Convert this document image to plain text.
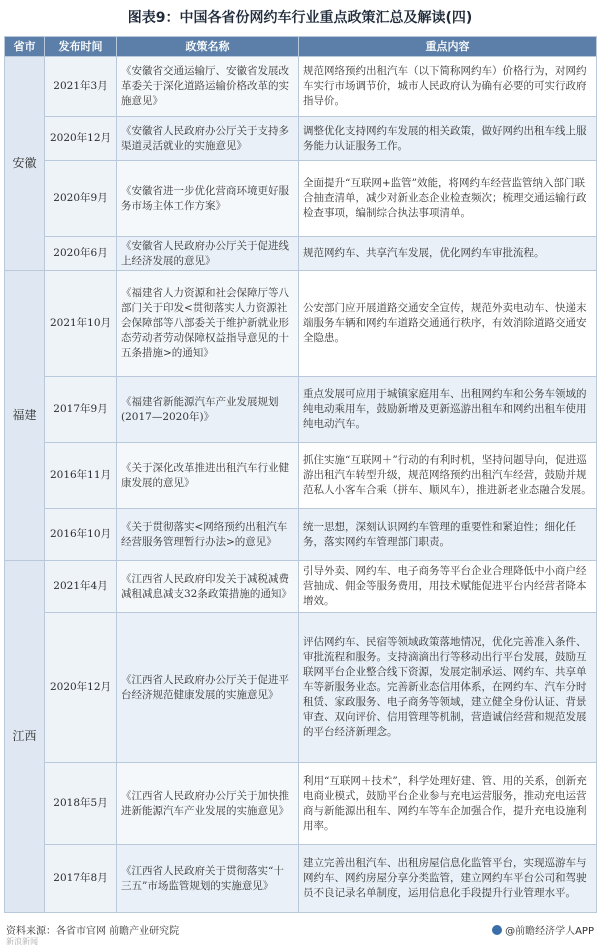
图表9：中国各省份网约车行业重点政策汇总及解读(四)
省市	发布时间	政策名称	重点内容
安徽	2021年3月	《安徽省交通运输厅、安徽省发展改革委关于深化道路运输价格改革的实施意见》	规范网络预约出租汽车（以下简称网约车）价格行为，对网约车实行市场调节价，城市人民政府认为确有必要的可实行政府指导价。
	2020年12月	《安徽省人民政府办公厅关于支持多渠道灵活就业的实施意见》	调整优化支持网约车发展的相关政策，做好网约出租车线上服务能力认证服务工作。
	2020年9月	《安徽省进一步优化营商环境更好服务市场主体工作方案》	全面提升“互联网+监管”效能，将网约车经营监管纳入部门联合抽查清单，减少对新业态企业检查频次；梳理交通运输行政检查事项，编制综合执法事项清单。
	2020年6月	《安徽省人民政府办公厅关于促进线上经济发展的意见》	规范网约车、共享汽车发展，优化网约车审批流程。
福建	2021年10月	《福建省人力资源和社会保障厅等八部门关于印发<贯彻落实人力资源社会保障部等八部委关于维护新就业形态劳动者劳动保障权益指导意见的十五条措施>的通知》	公安部门应开展道路交通安全宣传，规范外卖电动车、快递末端服务车辆和网约车道路交通通行秩序，有效消除道路交通安全隐患。
	2017年9月	《福建省新能源汽车产业发展规划(2017—2020年)》	重点发展可应用于城镇家庭用车、出租网约车和公务车领域的纯电动乘用车，鼓励新增及更新巡游出租车和网约出租车使用纯电动汽车。
	2016年11月	《关于深化改革推进出租汽车行业健康发展的意见》	抓住实施“互联网＋”行动的有利时机，坚持问题导向，促进巡游出租汽车转型升级，规范网络预约出租汽车经营，鼓励并规范私人小客车合乘（拼车、顺风车），推进新老业态融合发展。
	2016年10月	《关于贯彻落实<网络预约出租汽车经营服务管理暂行办法>的意见》	统一思想，深刻认识网约车管理的重要性和紧迫性；细化任务，落实网约车管理部门职责。
江西	2021年4月	《江西省人民政府印发关于减税减费减租减息减支32条政策措施的通知》	引导外卖、网约车、电子商务等平台企业合理降低中小商户经营抽成、佣金等服务费用，用技术赋能促进平台内经营者降本增效。
	2020年12月	《江西省人民政府办公厅关于促进平台经济规范健康发展的实施意见》	评估网约车、民宿等领域政策落地情况，优化完善准入条件、审批流程和服务。支持滴滴出行等移动出行平台发展，鼓励互联网平台企业整合线下资源，发展定制承运、网约车、共享单车等新服务业态。完善新业态信用体系，在网约车、汽车分时租赁、家政服务、电子商务等领域，建立健全身份认证、背景审查、双向评价、信用管理等机制，营造诚信经营和规范发展的平台经济新理念。
	2018年5月	《江西省人民政府办公厅关于加快推进新能源汽车产业发展的实施意见》	利用“互联网＋技术”，科学处理好建、管、用的关系，创新充电商业模式，鼓励平台企业参与充电运营服务，推动充电运营商与新能源出租车、网约车等车企加强合作，提升充电设施利用率。
	2017年8月	《江西省人民政府关于贯彻落实“十三五”市场监管规划的实施意见》	建立完善出租汽车、出租房屋信息化监管平台，实现巡游车与网约车、网约房屋分享分类监管，建立网约车平台公司和驾驶员不良记录名单制度，运用信息化手段提升行业管理水平。
资料来源：各省市官网 前瞻产业研究院	@前瞻经济学人APP
新浪新闻
